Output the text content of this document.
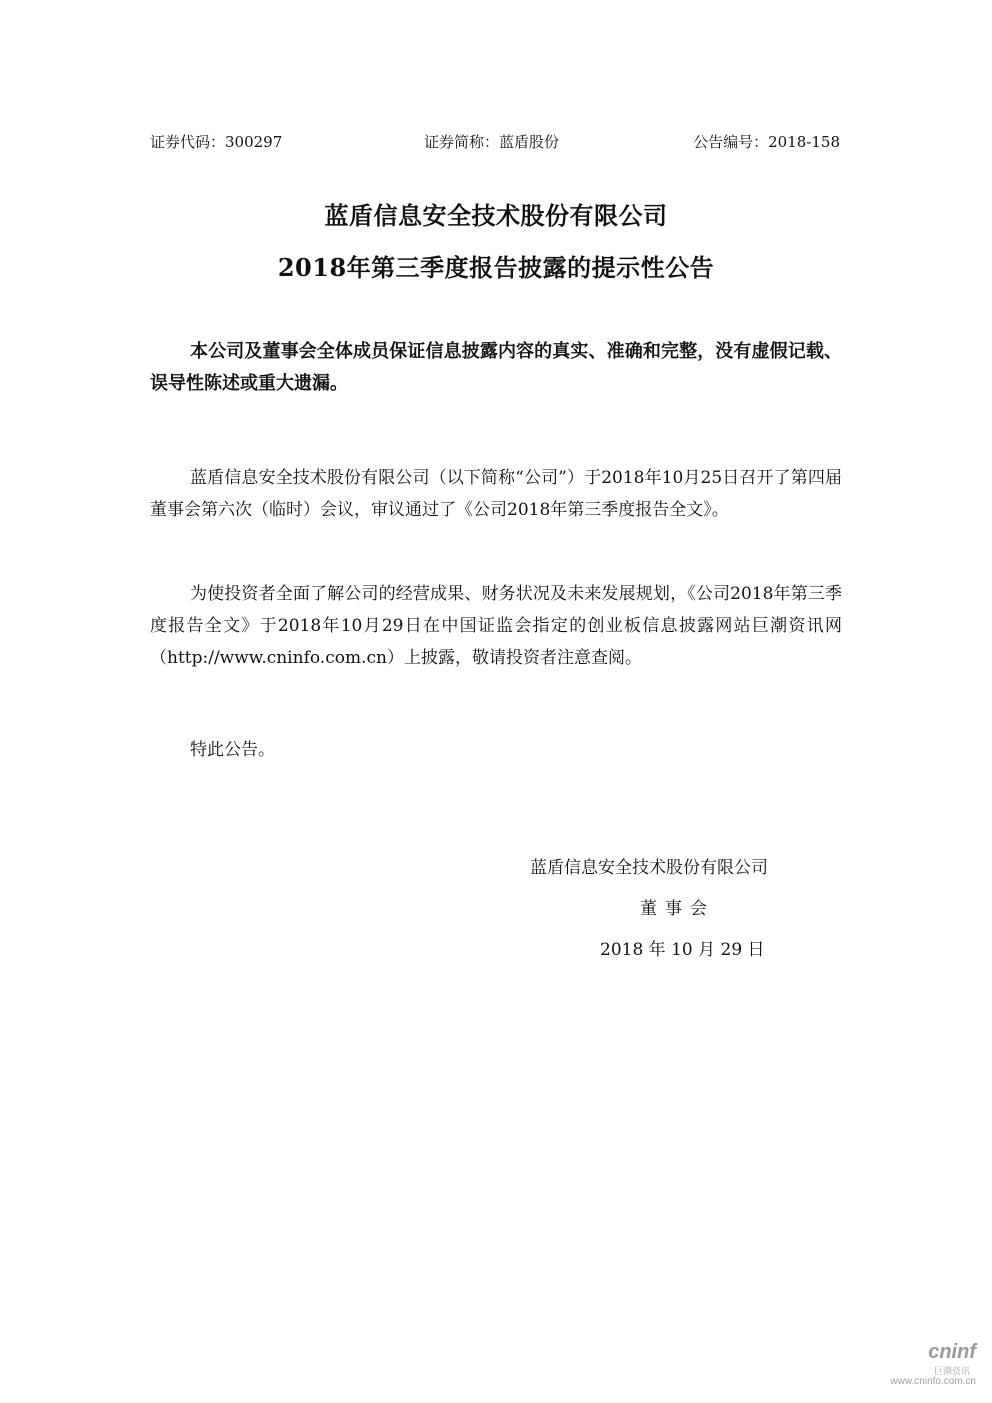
证券代码：300297	证券简称：蓝盾股份	公告编号：2018-158
蓝盾信息安全技术股份有限公司
2018年第三季度报告披露的提示性公告
本公司及董事会全体成员保证信息披露内容的真实、准确和完整，没有虚假记载、误导性陈述或重大遗漏。
蓝盾信息安全技术股份有限公司（以下简称“公司”）于2018年10月25日召开了第四届董事会第六次（临时）会议，审议通过了《公司2018年第三季度报告全文》。
为使投资者全面了解公司的经营成果、财务状况及未来发展规划，《公司2018年第三季度报告全文》于2018年10月29日在中国证监会指定的创业板信息披露网站巨潮资讯网（http://www.cninfo.com.cn）上披露，敬请投资者注意查阅。
特此公告。
蓝盾信息安全技术股份有限公司
董事会
2018 年 10 月 29 日
cninf
巨潮资讯
www.cninfo.com.cn
